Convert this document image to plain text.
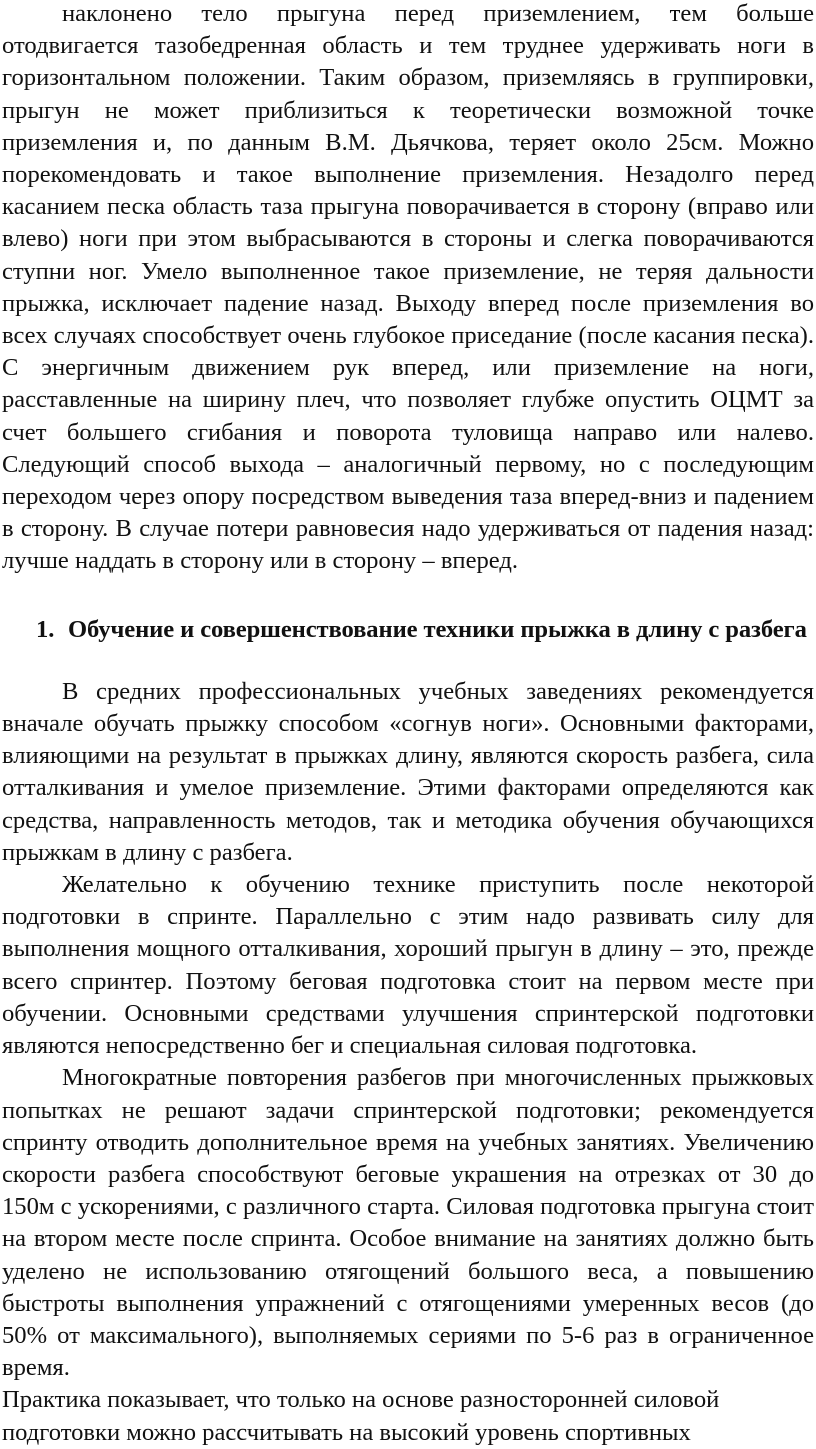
наклонено тело прыгуна перед приземлением, тем больше отодвигается тазобедренная область и тем труднее удерживать ноги в горизонтальном положении. Таким образом, приземляясь в группировки, прыгун не может приблизиться к теоретически возможной точке приземления и, по данным В.М. Дьячкова, теряет около 25см. Можно порекомендовать и такое выполнение приземления. Незадолго перед касанием песка область таза прыгуна поворачивается в сторону (вправо или влево) ноги при этом выбрасываются в стороны и слегка поворачиваются ступни ног. Умело выполненное такое приземление, не теряя дальности прыжка, исключает падение назад. Выходу вперед после приземления во всех случаях способствует очень глубокое приседание (после касания песка). С энергичным движением рук вперед, или приземление на ноги, расставленные на ширину плеч, что позволяет глубже опустить ОЦМТ за счет большего сгибания и поворота туловища направо или налево. Следующий способ выхода – аналогичный первому, но с последующим переходом через опору посредством выведения таза вперед-вниз и падением в сторону. В случае потери равновесия надо удерживаться от падения назад: лучше наддать в сторону или в сторону – вперед.

1. Обучение и совершенствование техники прыжка в длину с разбега

В средних профессиональных учебных заведениях рекомендуется вначале обучать прыжку способом «согнув ноги». Основными факторами, влияющими на результат в прыжках длину, являются скорость разбега, сила отталкивания и умелое приземление. Этими факторами определяются как средства, направленность методов, так и методика обучения обучающихся прыжкам в длину с разбега.

Желательно к обучению технике приступить после некоторой подготовки в спринте. Параллельно с этим надо развивать силу для выполнения мощного отталкивания, хороший прыгун в длину – это, прежде всего спринтер. Поэтому беговая подготовка стоит на первом месте при обучении. Основными средствами улучшения спринтерской подготовки являются непосредственно бег и специальная силовая подготовка.

Многократные повторения разбегов при многочисленных прыжковых попытках не решают задачи спринтерской подготовки; рекомендуется спринту отводить дополнительное время на учебных занятиях. Увеличению скорости разбега способствуют беговые украшения на отрезках от 30 до 150м с ускорениями, с различного старта. Силовая подготовка прыгуна стоит на втором месте после спринта. Особое внимание на занятиях должно быть уделено не использованию отягощений большого веса, а повышению быстроты выполнения упражнений с отягощениями умеренных весов (до 50% от максимального), выполняемых сериями по 5-6 раз в ограниченное время.

Практика показывает, что только на основе разносторонней силовой

подготовки можно рассчитывать на высокий уровень спортивных
